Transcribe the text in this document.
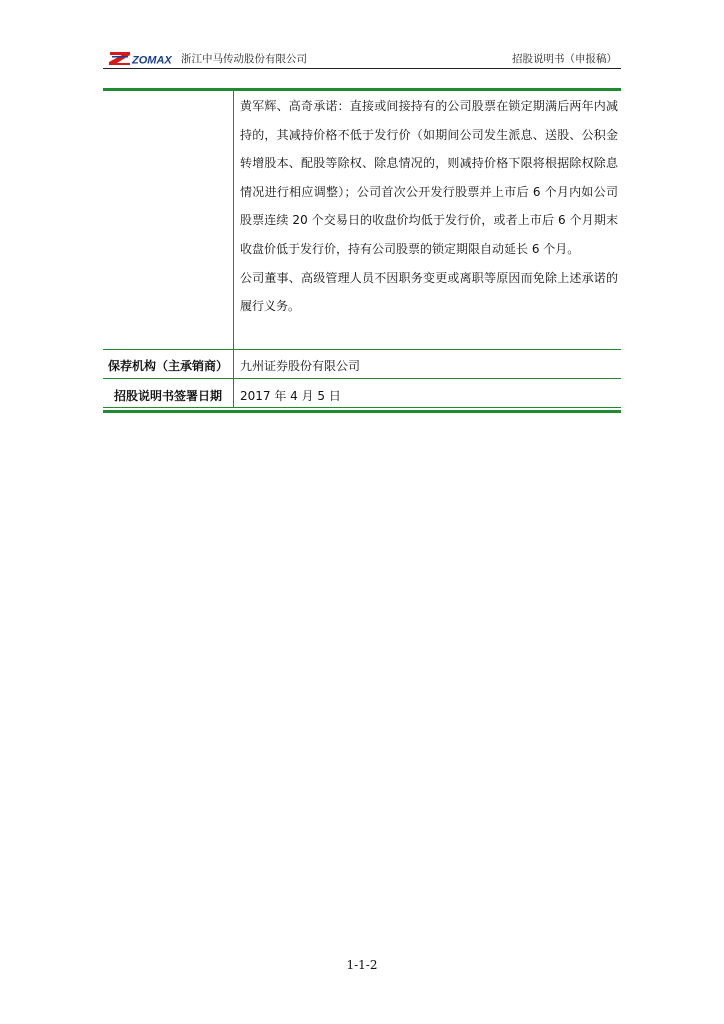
ZOMAX 浙江中马传动股份有限公司	招股说明书（申报稿）

黄军辉、高奇承诺：直接或间接持有的公司股票在锁定期满后两年内减持的，其减持价格不低于发行价（如期间公司发生派息、送股、公积金转增股本、配股等除权、除息情况的，则减持价格下限将根据除权除息情况进行相应调整）；公司首次公开发行股票并上市后 6 个月内如公司股票连续 20 个交易日的收盘价均低于发行价，或者上市后 6 个月期末收盘价低于发行价，持有公司股票的锁定期限自动延长 6 个月。

公司董事、高级管理人员不因职务变更或离职等原因而免除上述承诺的履行义务。

保荐机构（主承销商）	九州证券股份有限公司
招股说明书签署日期	2017 年 4 月 5 日
1-1-2
